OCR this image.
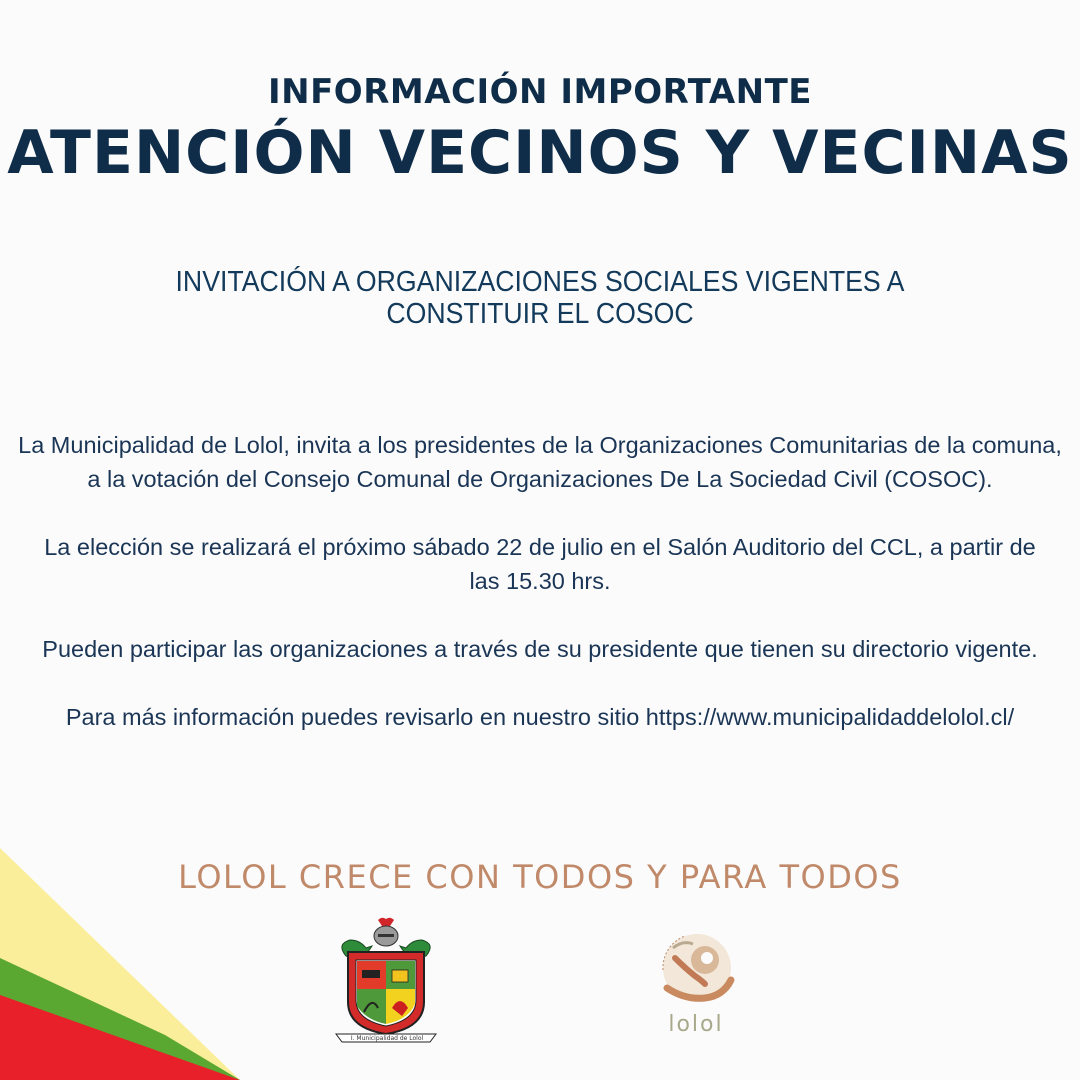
INFORMACIÓN IMPORTANTE
ATENCIÓN VECINOS Y VECINAS
INVITACIÓN A ORGANIZACIONES SOCIALES VIGENTES A
CONSTITUIR EL COSOC

La Municipalidad de Lolol, invita a los presidentes de la Organizaciones Comunitarias de la comuna,
a la votación del Consejo Comunal de Organizaciones De La Sociedad Civil (COSOC).

La elección se realizará el próximo sábado 22 de julio en el Salón Auditorio del CCL, a partir de
las 15.30 hrs.

Pueden participar las organizaciones a través de su presidente que tienen su directorio vigente.

Para más información puedes revisarlo en nuestro sitio https://www.municipalidaddelolol.cl/

LOLOL CRECE CON TODOS Y PARA TODOS
I. Municipalidad de Lolol
lolol
